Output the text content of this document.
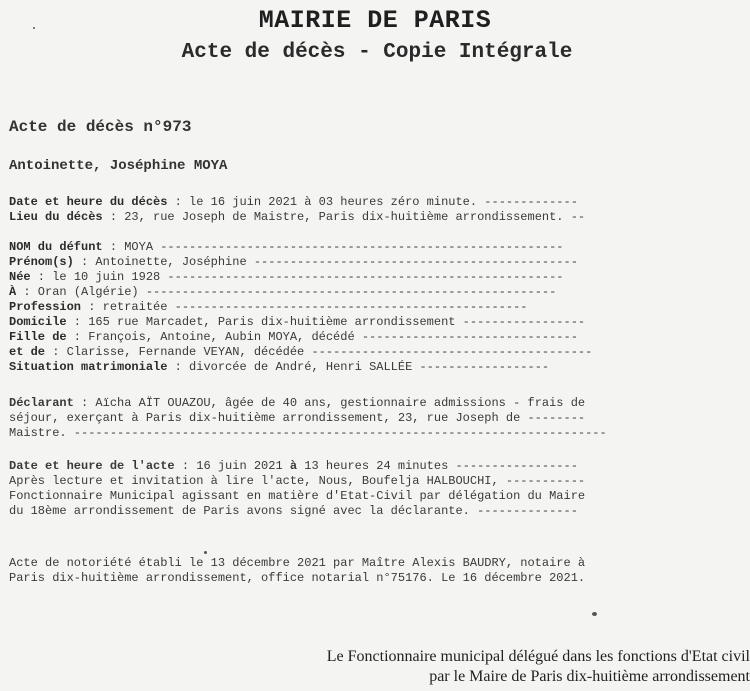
MAIRIE DE PARIS
Acte de décès - Copie Intégrale
Acte de décès n°973
Antoinette, Joséphine MOYA
Date et heure du décès : le 16 juin 2021 à 03 heures zéro minute. -------------
Lieu du décès : 23, rue Joseph de Maistre, Paris dix-huitième arrondissement. --
NOM du défunt : MOYA --------------------------------------------------------
Prénom(s) : Antoinette, Joséphine ---------------------------------------------
Née : le 10 juin 1928 -------------------------------------------------------
À : Oran (Algérie) ---------------------------------------------------------
Profession : retraitée -------------------------------------------------
Domicile : 165 rue Marcadet, Paris dix-huitième arrondissement -----------------
Fille de : François, Antoine, Aubin MOYA, décédé ------------------------------
et de : Clarisse, Fernande VEYAN, décédée ---------------------------------------
Situation matrimoniale : divorcée de André, Henri SALLÉE ------------------
Déclarant : Aïcha AÏT OUAZOU, âgée de 40 ans, gestionnaire admissions - frais de
séjour, exerçant à Paris dix-huitième arrondissement, 23, rue Joseph de --------
Maistre. --------------------------------------------------------------------------
Date et heure de l'acte : 16 juin 2021 à 13 heures 24 minutes -----------------
Après lecture et invitation à lire l'acte, Nous, Boufelja HALBOUCHI, -----------
Fonctionnaire Municipal agissant en matière d'Etat-Civil par délégation du Maire
du 18ème arrondissement de Paris avons signé avec la déclarante. --------------
Acte de notoriété établi le 13 décembre 2021 par Maître Alexis BAUDRY, notaire à
Paris dix-huitième arrondissement, office notarial n°75176. Le 16 décembre 2021.
Le Fonctionnaire municipal délégué dans les fonctions d'Etat civil
par le Maire de Paris dix-huitième arrondissement
